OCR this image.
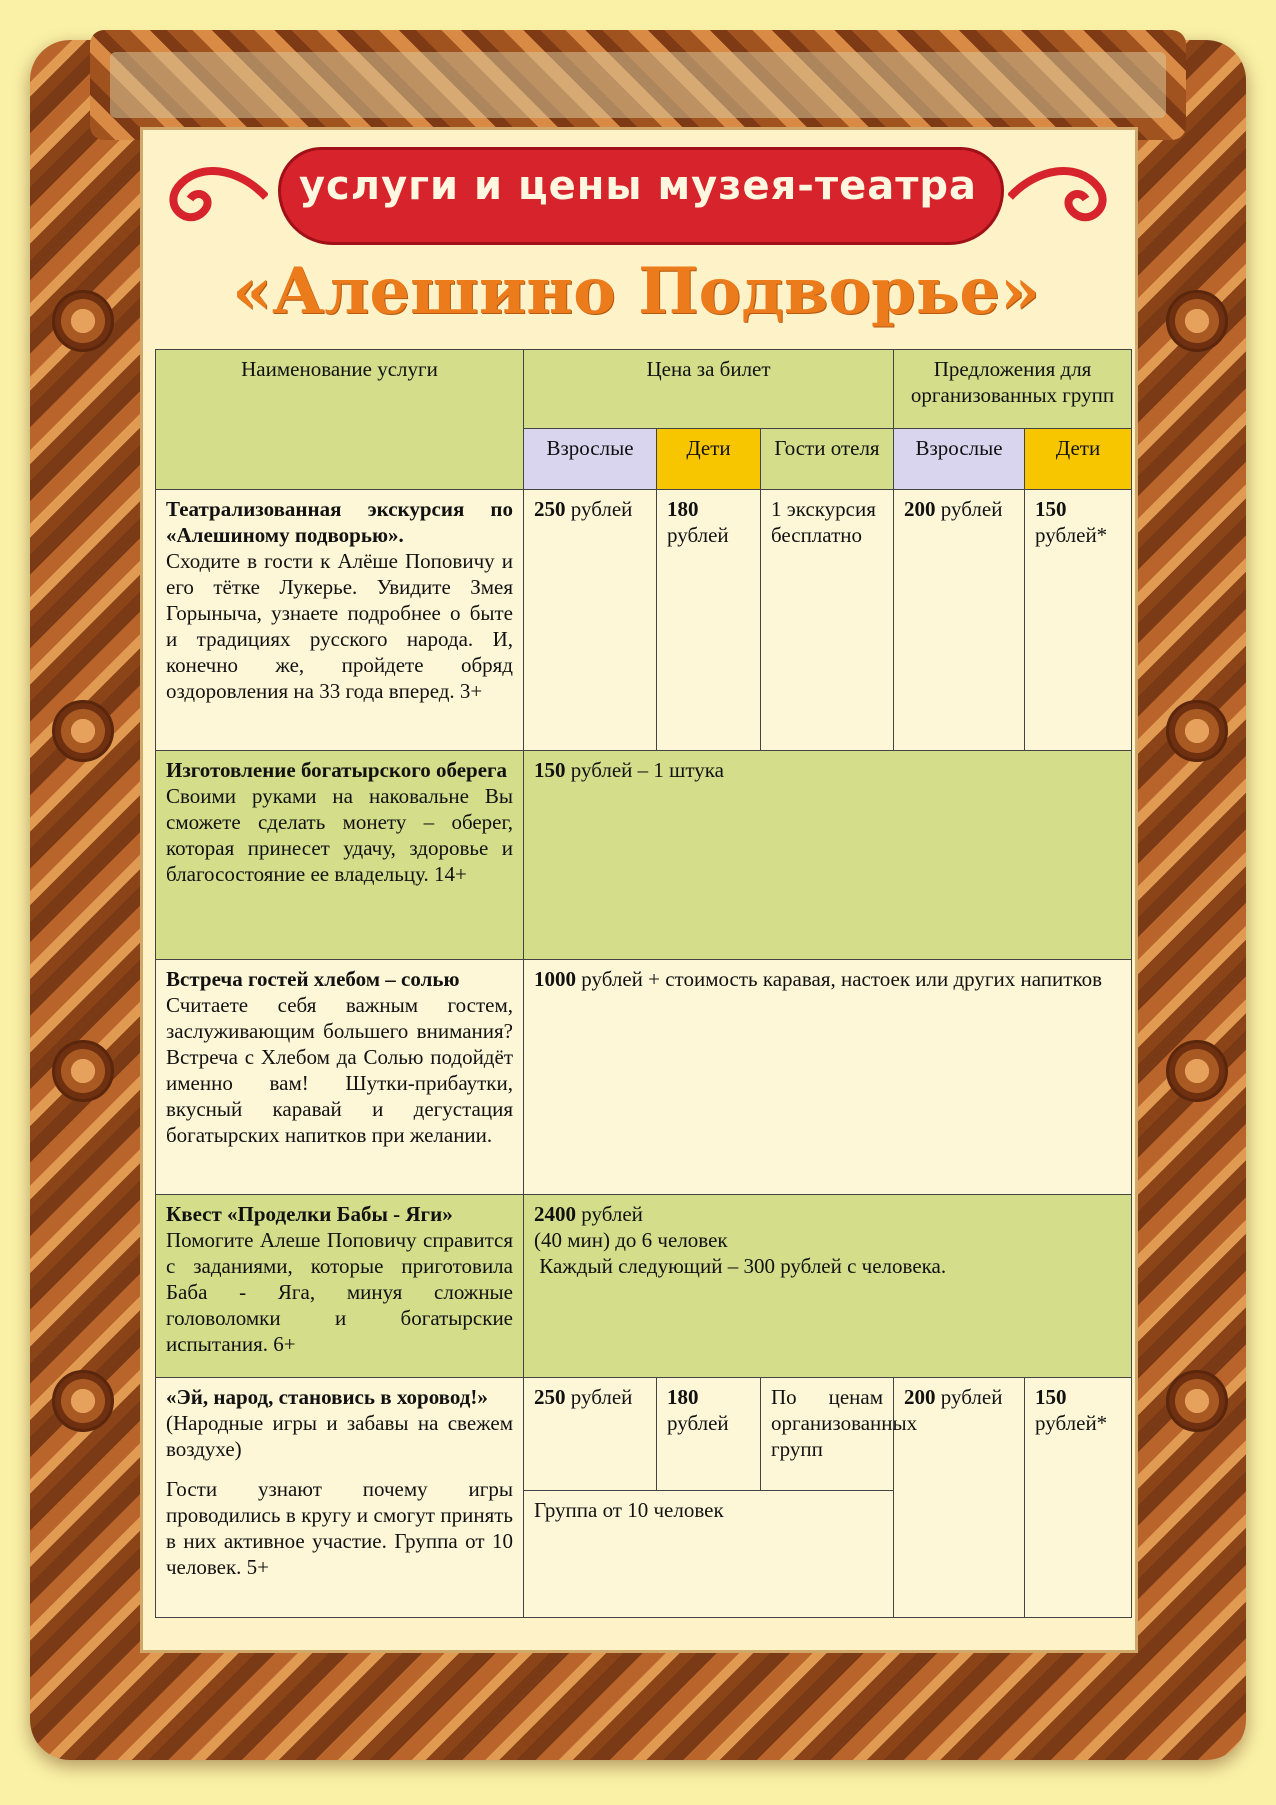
услуги и цены музея-театра
«Алешино Подворье»
Наименование услуги	Цена за билет			Предложения для организованных групп	
	Взрослые	Дети	Гости отеля	Взрослые	Дети
Театрализованная экскурсия по «Алешиному подворью».
Сходите в гости к Алёше Поповичу и его тётке Лукерье. Увидите Змея Горыныча, узнаете подробнее о быте и традициях русского народа. И, конечно же, пройдете обряд оздоровления на 33 года вперед. 3+	250 рублей	180
рублей	1 экскурсия бесплатно	200 рублей	150
рублей*
Изготовление богатырского оберега
Своими руками на наковальне Вы сможете сделать монету – оберег, которая принесет удачу, здоровье и благосостояние ее владельцу. 14+	150 рублей – 1 штука				
Встреча гостей хлебом – солью
Считаете себя важным гостем, заслуживающим большего внимания? Встреча с Хлебом да Солью подойдёт именно вам! Шутки-прибаутки, вкусный каравай и дегустация богатырских напитков при желании.	1000 рублей + стоимость каравая, настоек или других напитков				
Квест «Проделки Бабы - Яги»
Помогите Алеше Поповичу справится с заданиями, которые приготовила Баба - Яга, минуя сложные головоломки и богатырские испытания. 6+	2400 рублей
(40 мин) до 6 человек
Каждый следующий – 300 рублей с человека.				
«Эй, народ, становись в хоровод!»
(Народные игры и забавы на свежем воздухе)
Гости узнают почему игры проводились в кругу и смогут принять в них активное участие. Группа от 10 человек. 5+	250 рублей	180
рублей	По ценам организованных групп	200 рублей	150
рублей*
	Группа от 10 человек				
